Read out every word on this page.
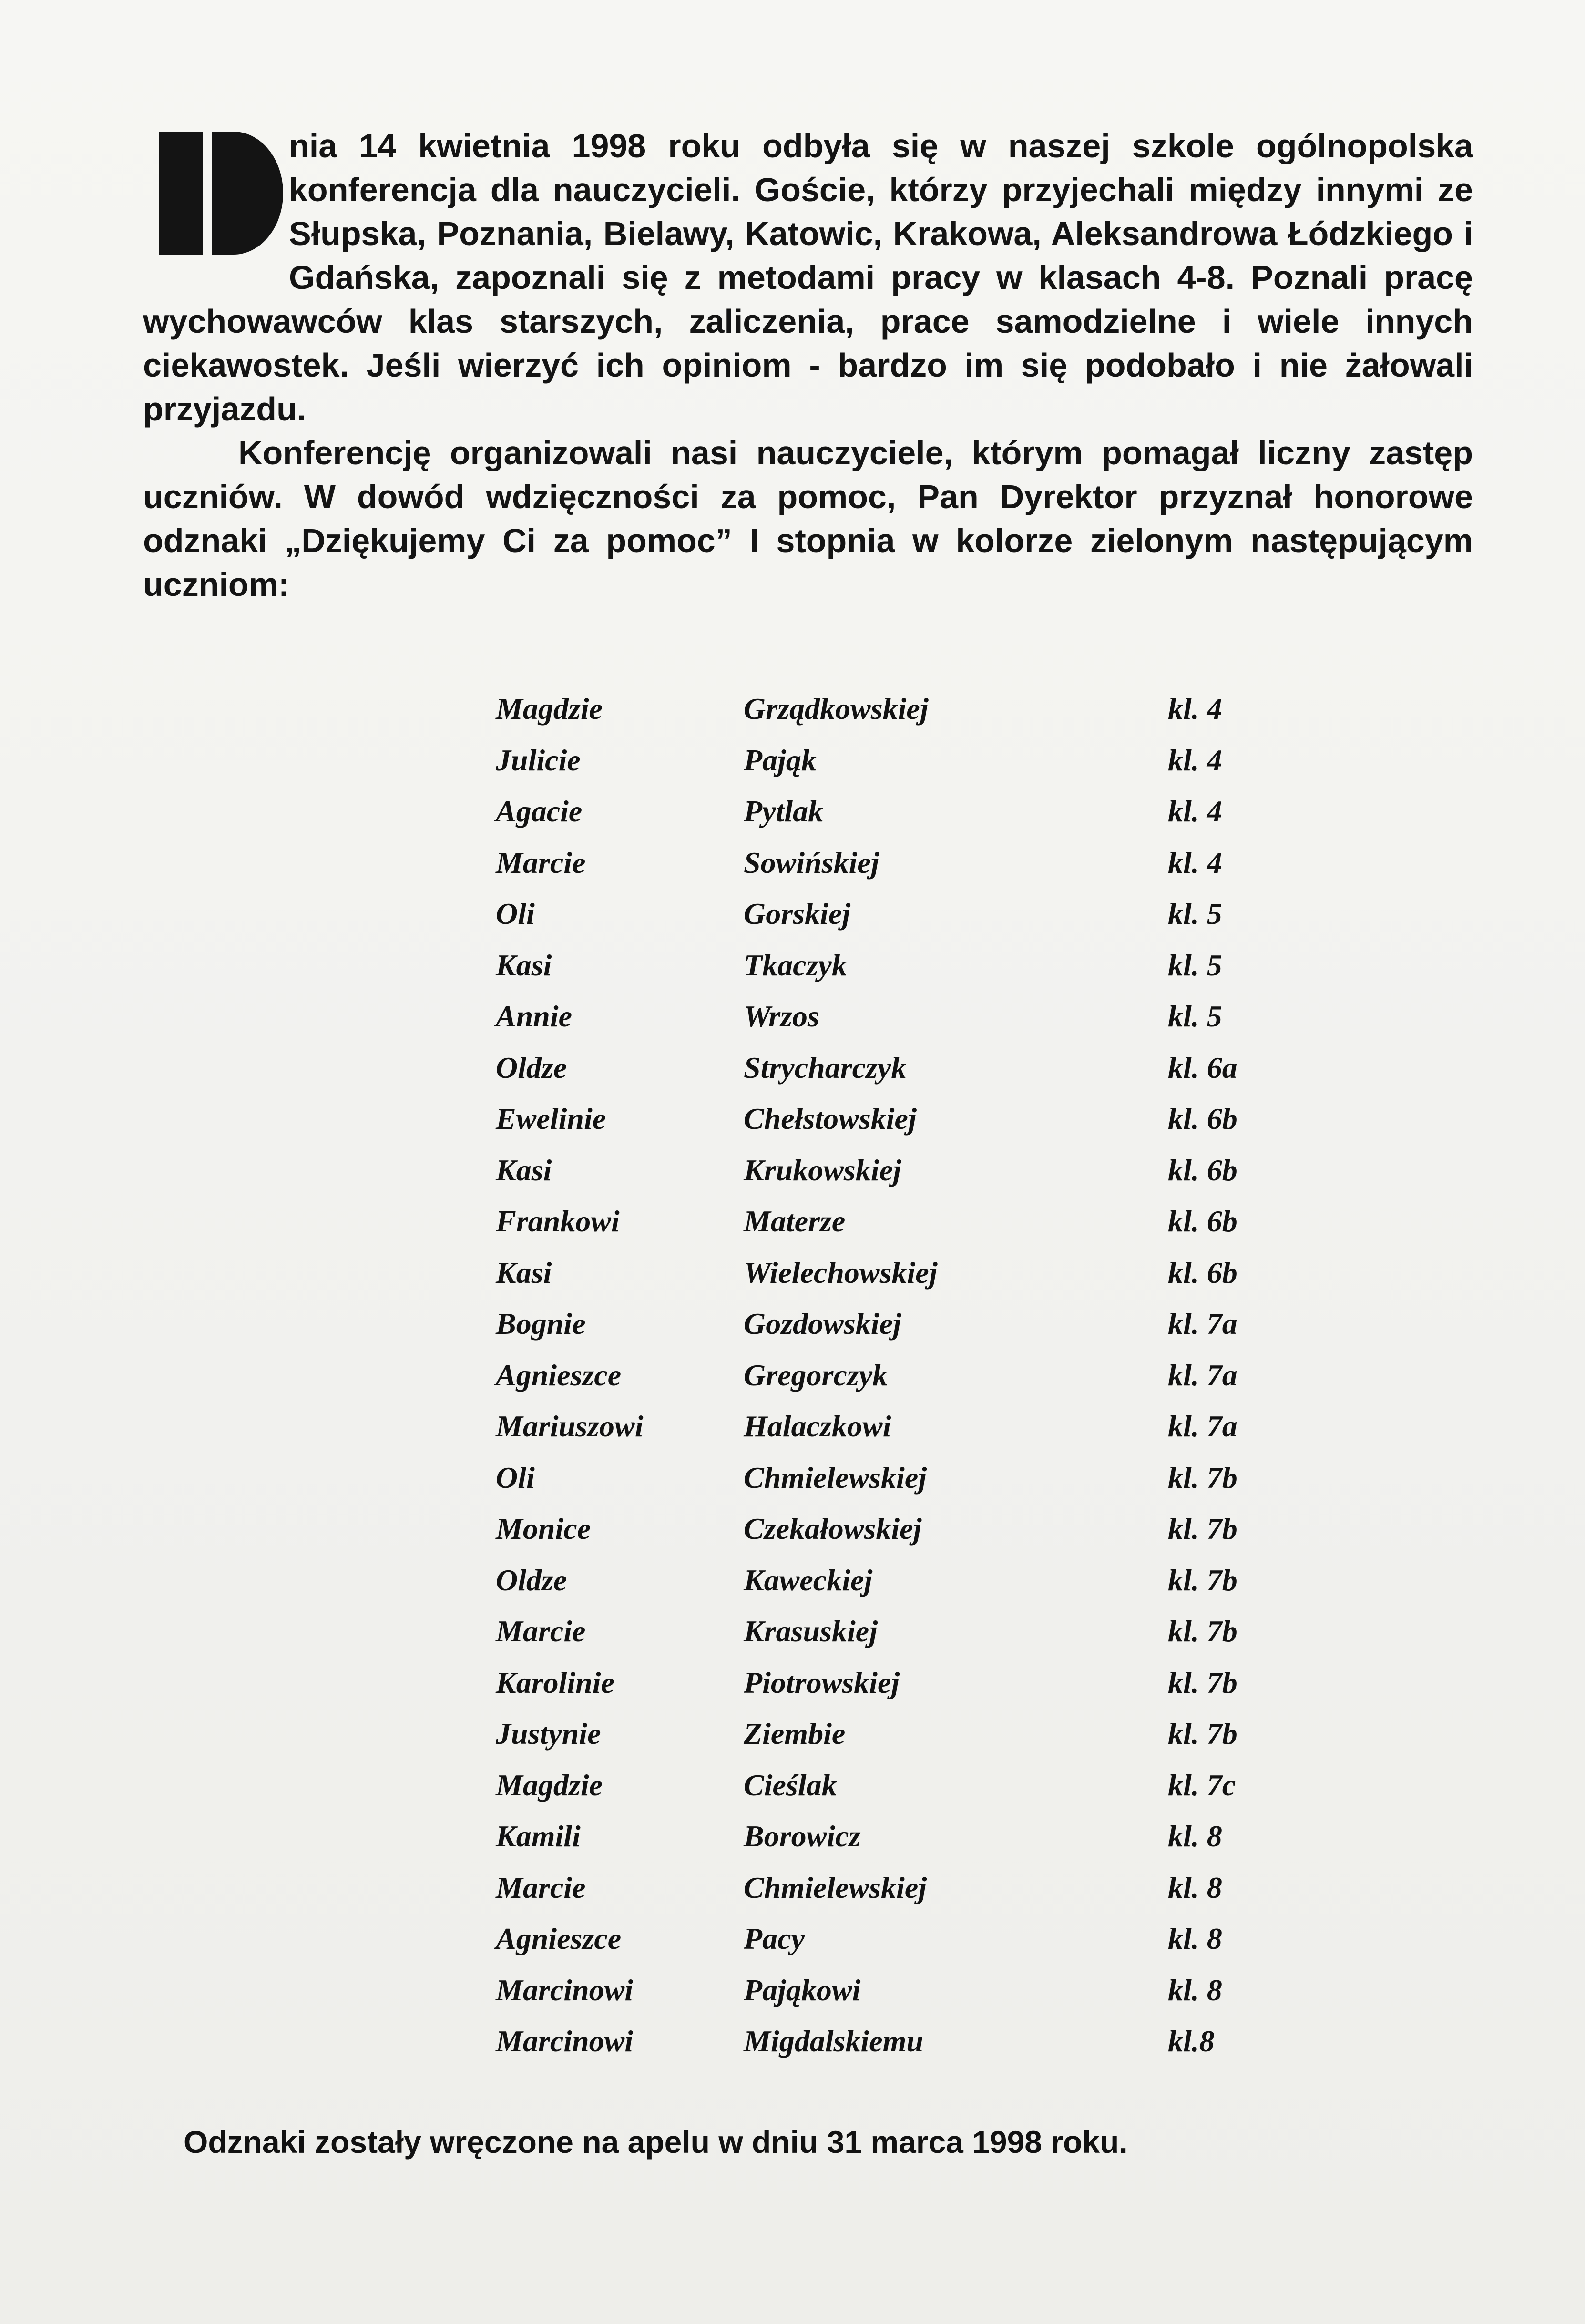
nia 14 kwietnia 1998 roku odbyła się w naszej szkole ogólnopolska konferencja dla nauczycieli. Goście, którzy przyjechali między innymi ze Słupska, Poznania, Bielawy, Katowic, Krakowa, Aleksandrowa Łódzkiego i Gdańska, zapoznali się z metodami pracy w klasach 4-8. Poznali pracę wychowawców klas starszych, zaliczenia, prace samodzielne i wiele innych ciekawostek. Jeśli wierzyć ich opiniom - bardzo im się podobało i nie żałowali przyjazdu.

Konferencję organizowali nasi nauczyciele, którym pomagał liczny zastęp uczniów. W dowód wdzięczności za pomoc, Pan Dyrektor przyznał honorowe odznaki „Dziękujemy Ci za pomoc” I stopnia w kolorze zielonym następującym uczniom:

Magdzie	Grządkowskiej	kl. 4
Julicie	Pająk	kl. 4
Agacie	Pytlak	kl. 4
Marcie	Sowińskiej	kl. 4
Oli	Gorskiej	kl. 5
Kasi	Tkaczyk	kl. 5
Annie	Wrzos	kl. 5
Oldze	Strycharczyk	kl. 6a
Ewelinie	Chełstowskiej	kl. 6b
Kasi	Krukowskiej	kl. 6b
Frankowi	Materze	kl. 6b
Kasi	Wielechowskiej	kl. 6b
Bognie	Gozdowskiej	kl. 7a
Agnieszce	Gregorczyk	kl. 7a
Mariuszowi	Halaczkowi	kl. 7a
Oli	Chmielewskiej	kl. 7b
Monice	Czekałowskiej	kl. 7b
Oldze	Kaweckiej	kl. 7b
Marcie	Krasuskiej	kl. 7b
Karolinie	Piotrowskiej	kl. 7b
Justynie	Ziembie	kl. 7b
Magdzie	Cieślak	kl. 7c
Kamili	Borowicz	kl. 8
Marcie	Chmielewskiej	kl. 8
Agnieszce	Pacy	kl. 8
Marcinowi	Pająkowi	kl. 8
Marcinowi	Migdalskiemu	kl.8
Odznaki zostały wręczone na apelu w dniu 31 marca 1998 roku.
